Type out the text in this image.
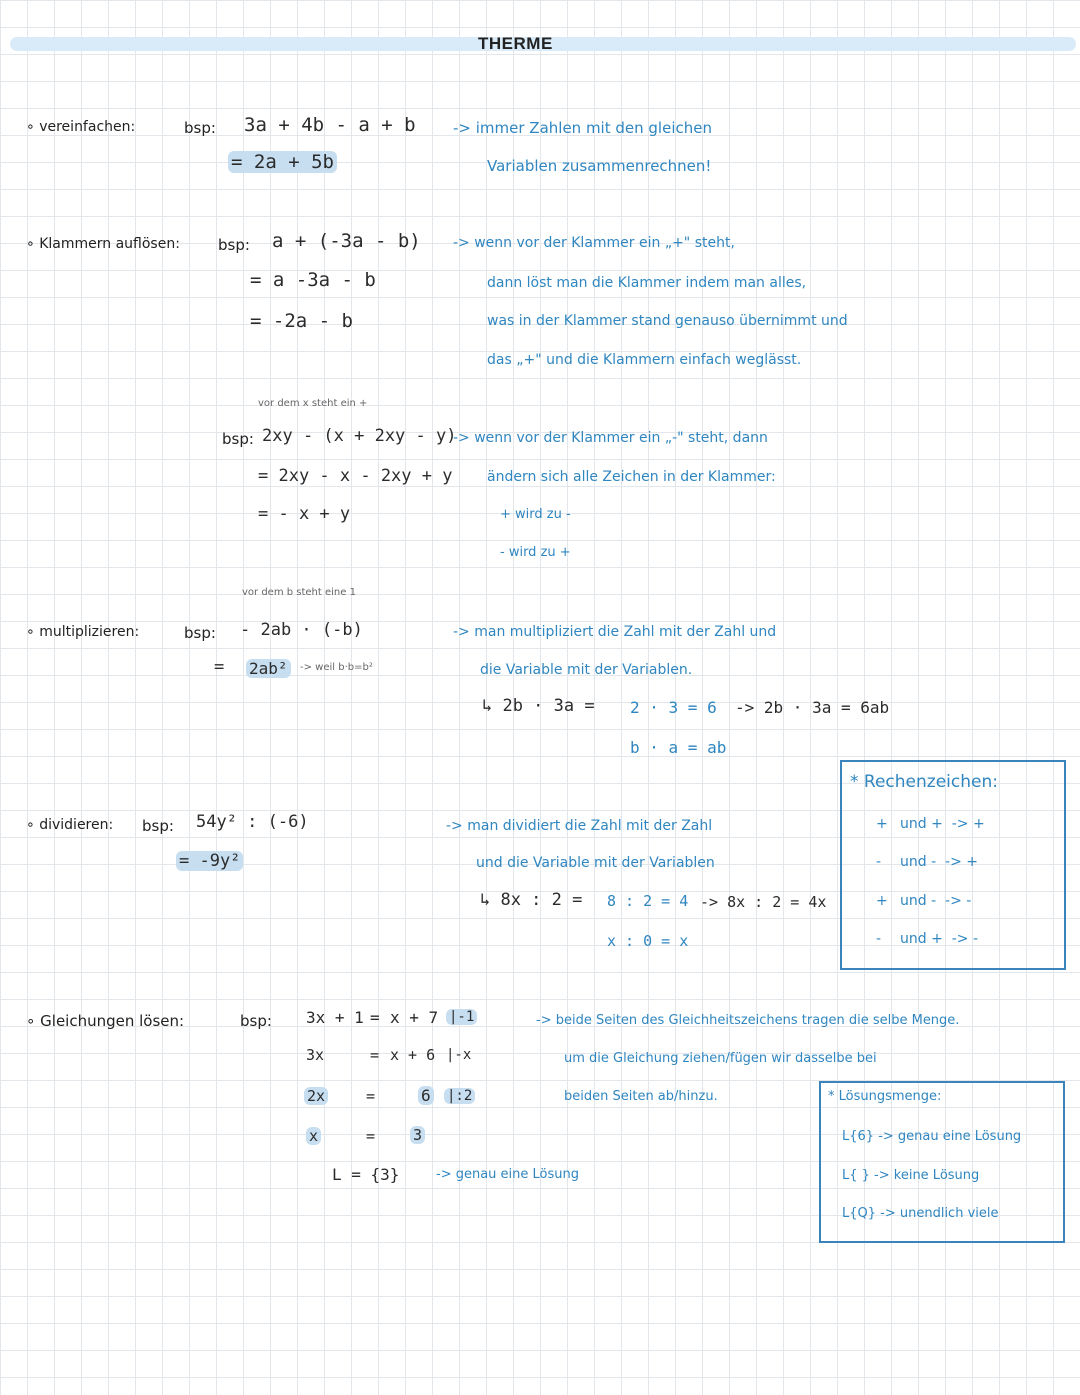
THERME
∘ vereinfachen:	bsp: 3a + 4b - a + b
= 2a + 5b
-> immer Zahlen mit den gleichen
Variablen zusammenrechnen!
∘ Klammern auflösen:	bsp: a + (-3a - b)
= a -3a - b
= -2a - b
-> wenn vor der Klammer ein „+" steht,
dann löst man die Klammer indem man alles,
was in der Klammer stand genauso übernimmt und
das „+" und die Klammern einfach weglässt.
vor dem x steht ein +
bsp: 2xy - (x + 2xy - y)
= 2xy - x - 2xy + y
= - x + y
-> wenn vor der Klammer ein „-" steht, dann
ändern sich alle Zeichen in der Klammer:
+ wird zu -
- wird zu +
vor dem b steht eine 1
∘ multiplizieren:	bsp: - 2ab · (-b)
= 2ab²	-> weil b·b=b²
-> man multipliziert die Zahl mit der Zahl und
die Variable mit der Variablen.
↳ 2b · 3a = 2 · 3 = 6
b · a = ab
-> 2b · 3a = 6ab
* Rechenzeichen:
+ und + -> +
- und - -> +
+ und - -> -
- und + -> -
∘ dividieren: bsp: 54y² : (-6)
= -9y²
-> man dividiert die Zahl mit der Zahl
und die Variable mit der Variablen
↳ 8x : 2 = 8 : 2 = 4
x : 0 = x
-> 8x : 2 = 4x
∘ Gleichungen lösen:	bsp: 3x + 1 = x + 7 |-1
3x	= x + 6 |-x
2x	=	6 |:2
x	=	3
L = {3}	-> genau eine Lösung
-> beide Seiten des Gleichheitszeichens tragen die selbe Menge.
um die Gleichung ziehen/fügen wir dasselbe bei
beiden Seiten ab/hinzu.	* Lösungsmenge:
L{6} -> genau eine Lösung
L{ } -> keine Lösung
L{Q} -> unendlich viele
